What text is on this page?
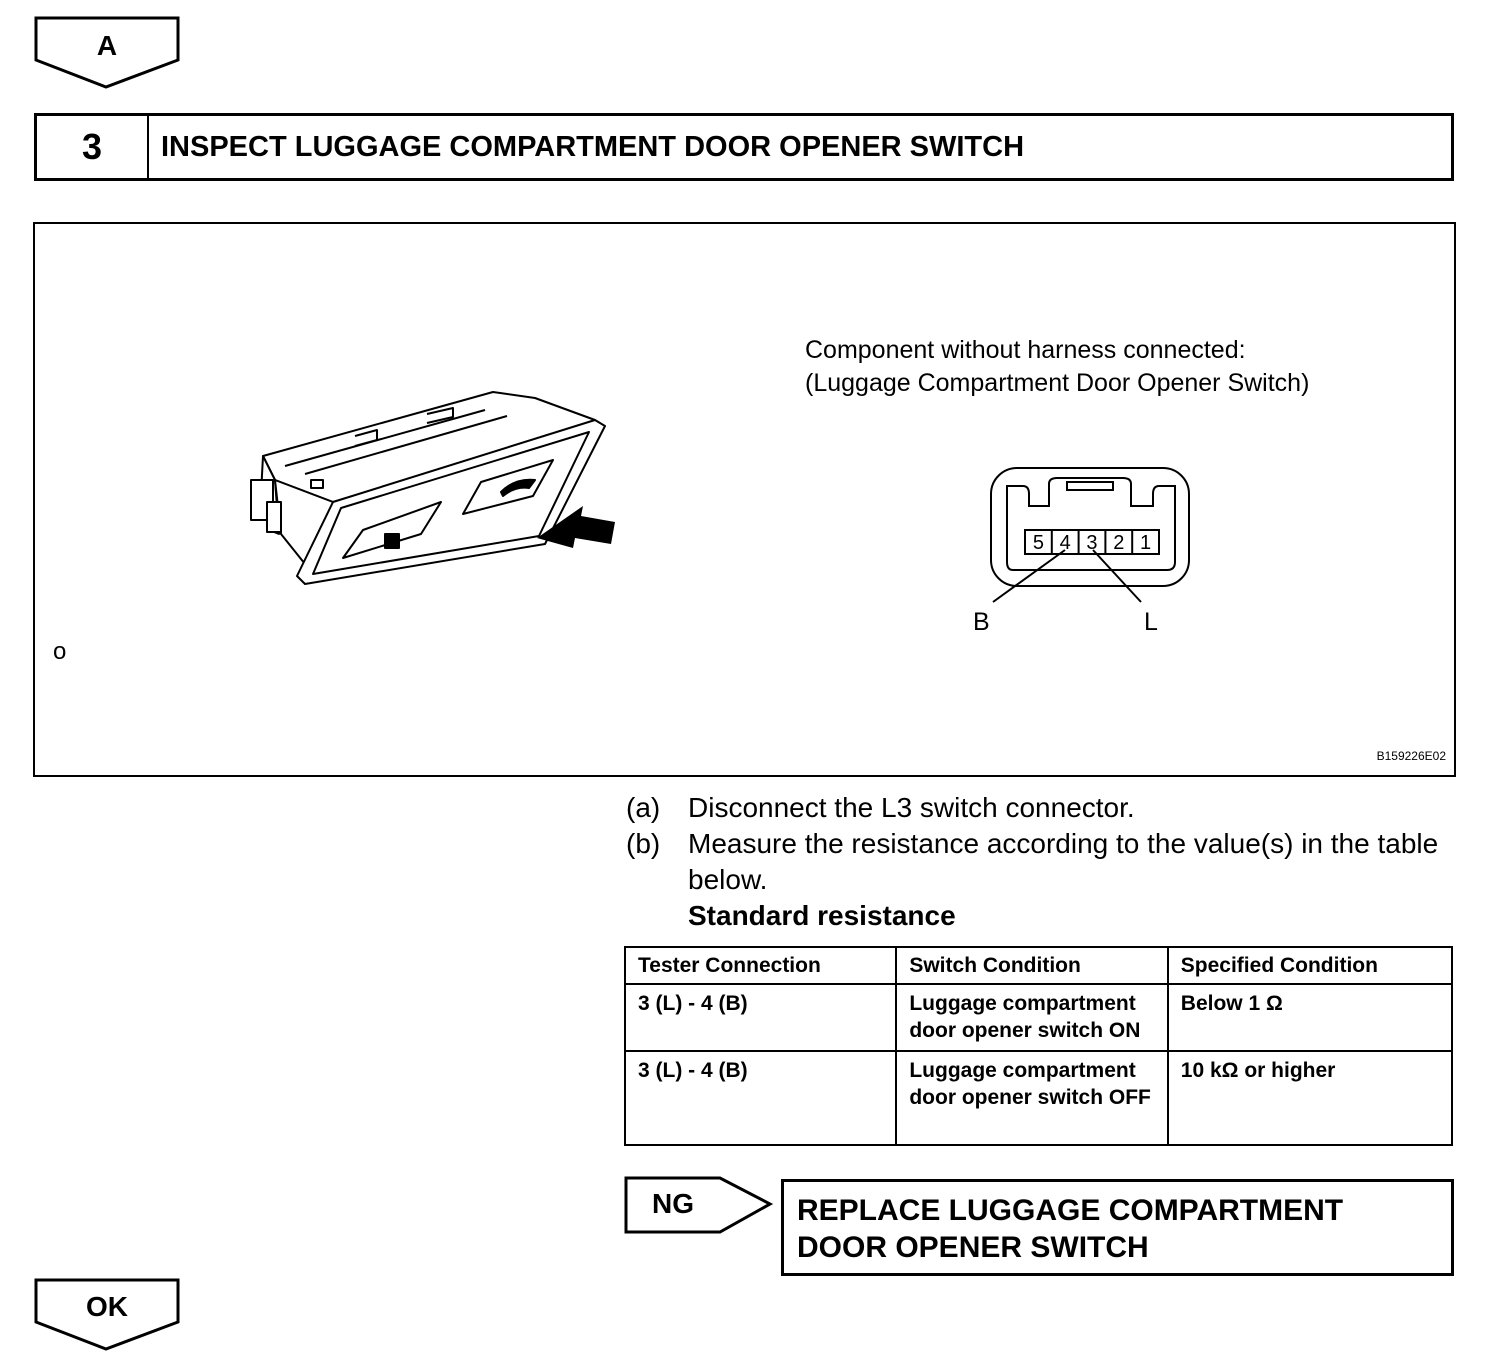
A
3	INSPECT LUGGAGE COMPARTMENT DOOR OPENER SWITCH
Component without harness connected:
(Luggage Compartment Door Opener Switch)
5 4 3 2 1
B	L
o
B159226E02
(a) Disconnect the L3 switch connector.
(b) Measure the resistance according to the value(s) in the table below.
Standard resistance
Tester Connection	Switch Condition	Specified Condition
3 (L) - 4 (B)	Luggage compartment door opener switch ON	Below 1 Ω
3 (L) - 4 (B)	Luggage compartment door opener switch OFF	10 kΩ or higher
NG	REPLACE LUGGAGE COMPARTMENT
DOOR OPENER SWITCH
OK
